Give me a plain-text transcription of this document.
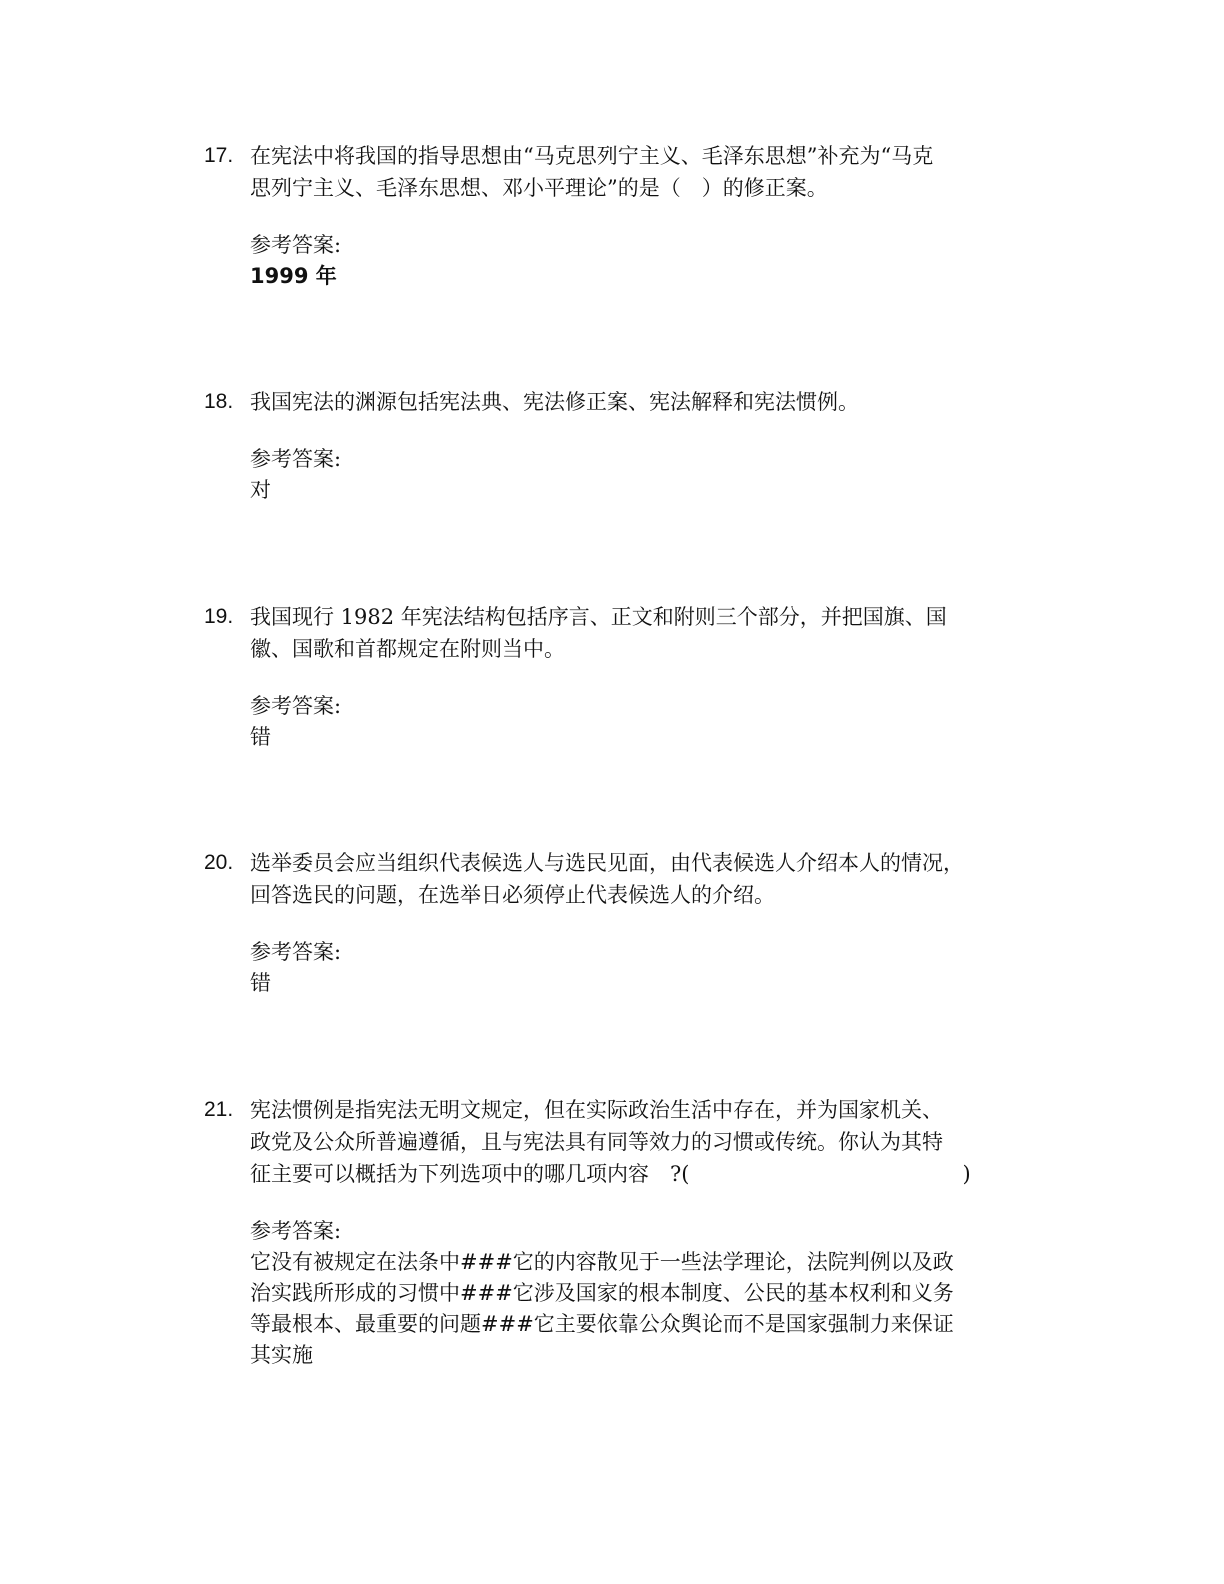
17. 在宪法中将我国的指导思想由“马克思列宁主义、毛泽东思想”补充为“马克
思列宁主义、毛泽东思想、邓小平理论”的是（　）的修正案。
参考答案:
1999 年
18. 我国宪法的渊源包括宪法典、宪法修正案、宪法解释和宪法惯例。
参考答案:
对
19. 我国现行 1982 年宪法结构包括序言、正文和附则三个部分，并把国旗、国
徽、国歌和首都规定在附则当中。
参考答案:
错
20. 选举委员会应当组织代表候选人与选民见面，由代表候选人介绍本人的情况，
回答选民的问题，在选举日必须停止代表候选人的介绍。
参考答案:
错
21. 宪法惯例是指宪法无明文规定，但在实际政治生活中存在，并为国家机关、
政党及公众所普遍遵循，且与宪法具有同等效力的习惯或传统。你认为其特
征主要可以概括为下列选项中的哪几项内容　?(　　　　　　　　　　　　　)
参考答案:
它没有被规定在法条中###它的内容散见于一些法学理论，法院判例以及政
治实践所形成的习惯中###它涉及国家的根本制度、公民的基本权利和义务
等最根本、最重要的问题###它主要依靠公众舆论而不是国家强制力来保证
其实施
